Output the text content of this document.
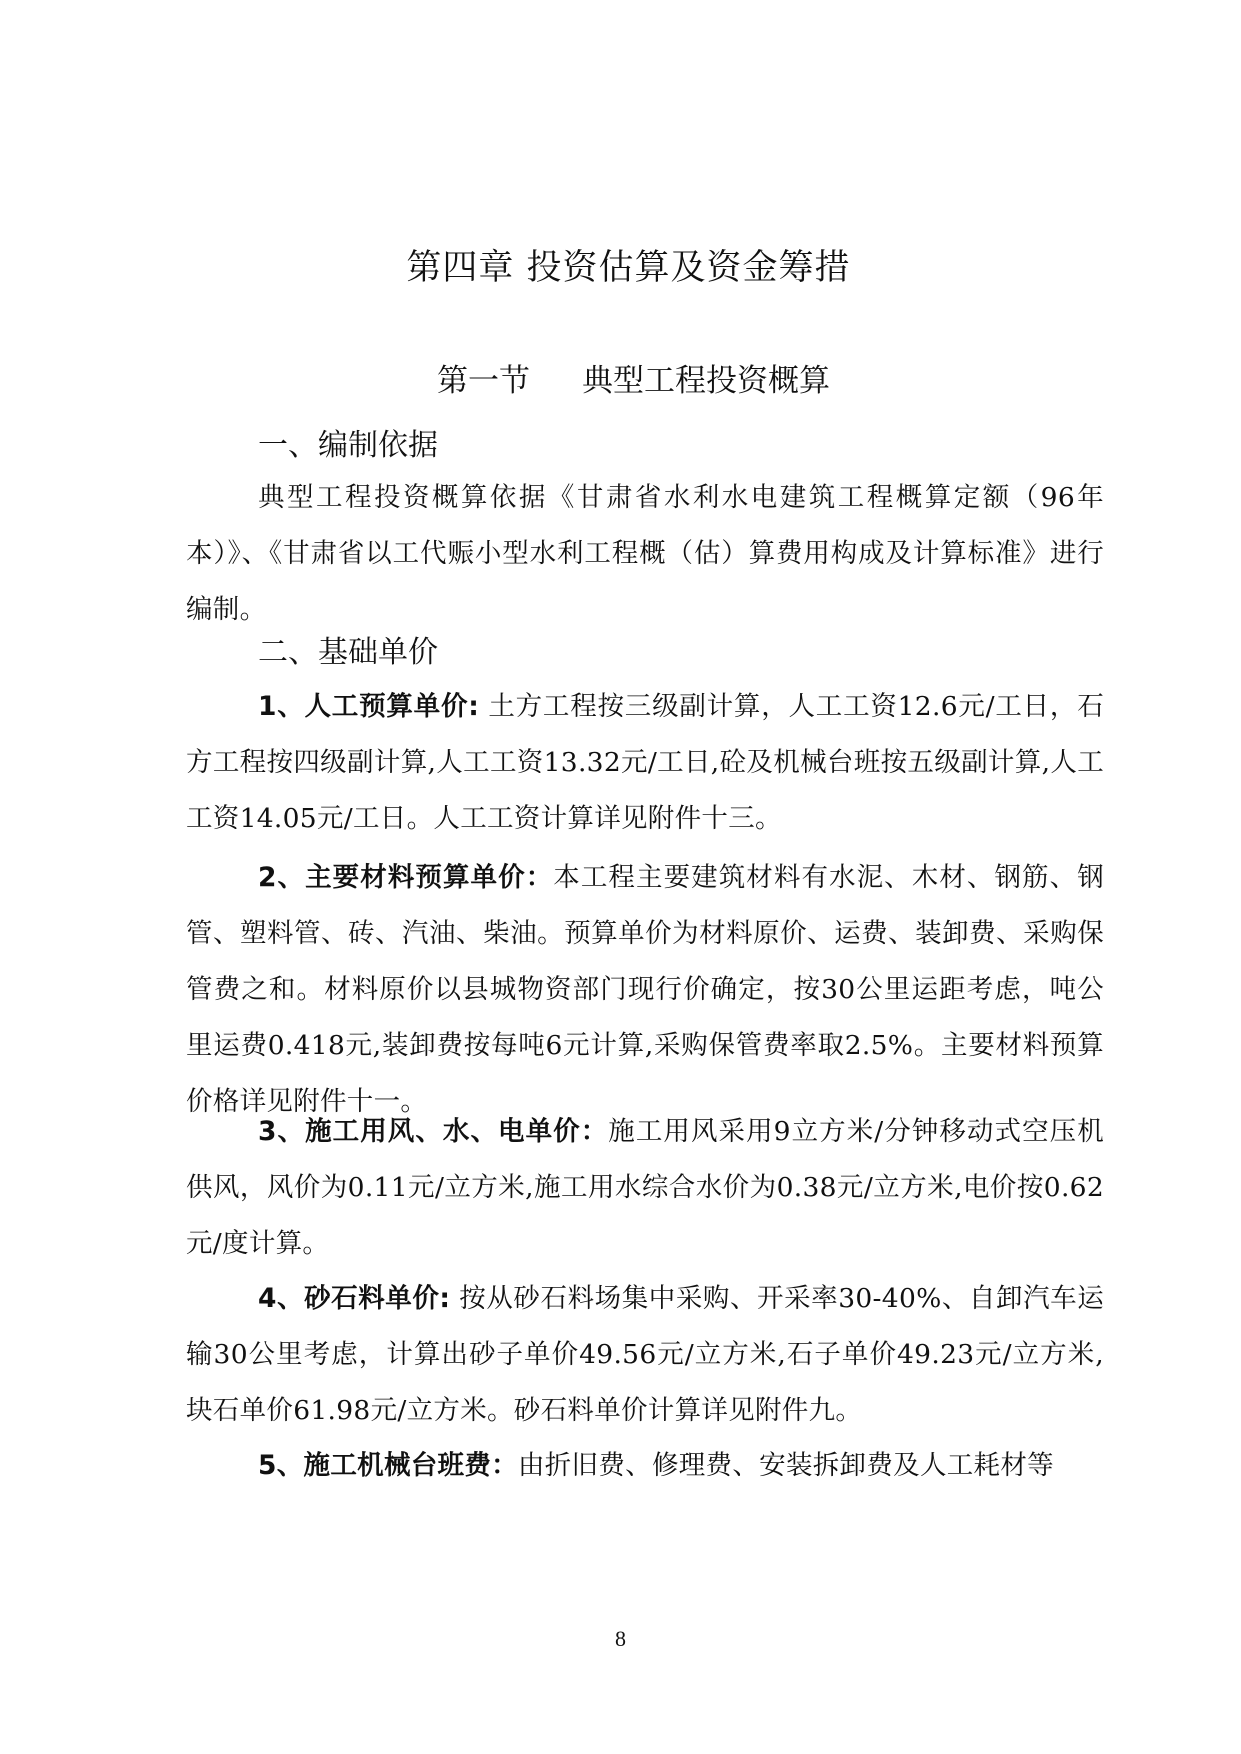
第四章 投资估算及资金筹措
第一节 典型工程投资概算
一、编制依据

典型工程投资概算依据《甘肃省水利水电建筑工程概算定额（96年本）》、《甘肃省以工代赈小型水利工程概（估）算费用构成及计算标准》进行编制。

二、基础单价

1、人工预算单价: 土方工程按三级副计算，人工工资12.6元/工日，石方工程按四级副计算,人工工资13.32元/工日,砼及机械台班按五级副计算,人工工资14.05元/工日。人工工资计算详见附件十三。

2、主要材料预算单价：本工程主要建筑材料有水泥、木材、钢筋、钢管、塑料管、砖、汽油、柴油。预算单价为材料原价、运费、装卸费、采购保管费之和。材料原价以县城物资部门现行价确定，按30公里运距考虑，吨公里运费0.418元,装卸费按每吨6元计算,采购保管费率取2.5%。主要材料预算价格详见附件十一。

3、施工用风、水、电单价：施工用风采用9立方米/分钟移动式空压机供风，风价为0.11元/立方米,施工用水综合水价为0.38元/立方米,电价按0.62元/度计算。

4、砂石料单价: 按从砂石料场集中采购、开采率30-40%、自卸汽车运输30公里考虑，计算出砂子单价49.56元/立方米,石子单价49.23元/立方米,块石单价61.98元/立方米。砂石料单价计算详见附件九。

5、施工机械台班费：由折旧费、修理费、安装拆卸费及人工耗材等

8
